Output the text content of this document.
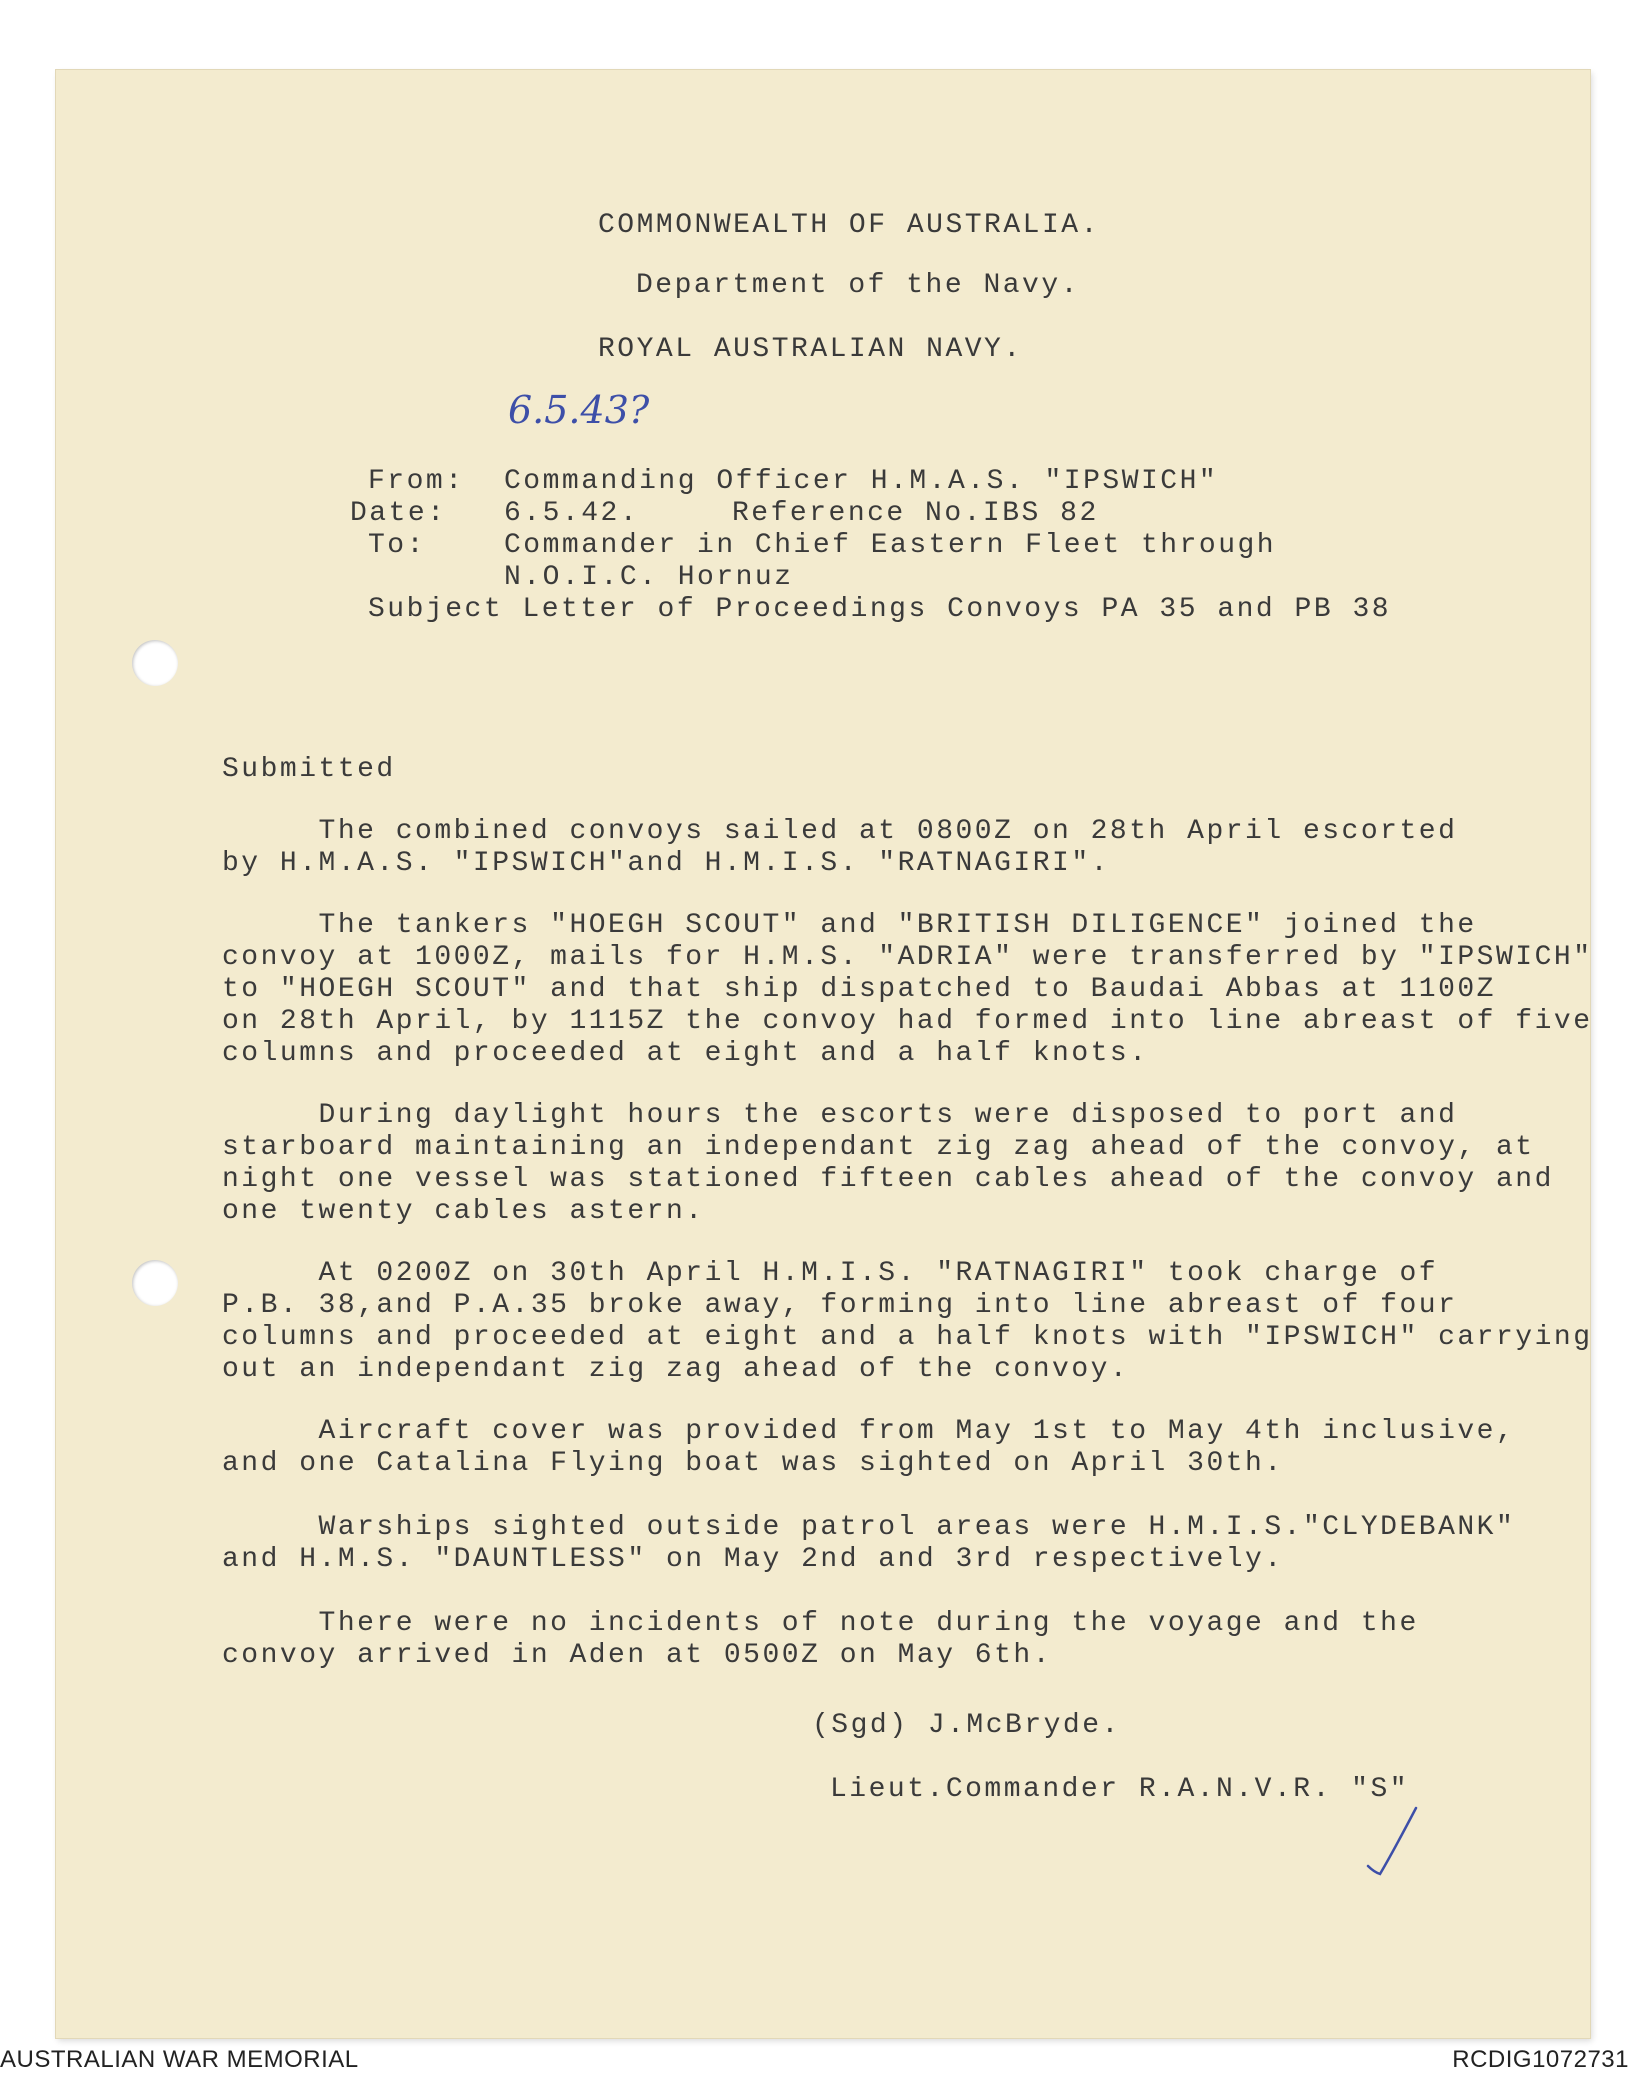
COMMONWEALTH OF AUSTRALIA.
Department of the Navy.
ROYAL AUSTRALIAN NAVY.
6.5.43?
From: Commanding Officer H.M.A.S. "IPSWICH"
Date: 6.5.42.	Reference No.IBS 82
To:	Commander in Chief Eastern Fleet through
N.O.I.C. Hornuz
Subject Letter of Proceedings Convoys PA 35 and PB 38
Submitted
The combined convoys sailed at 0800Z on 28th April escorted
by H.M.A.S. "IPSWICH"and H.M.I.S. "RATNAGIRI".
The tankers "HOEGH SCOUT" and "BRITISH DILIGENCE" joined the
convoy at 1000Z, mails for H.M.S. "ADRIA" were transferred by "IPSWICH"
to "HOEGH SCOUT" and that ship dispatched to Baudai Abbas at 1100Z
on 28th April, by 1115Z the convoy had formed into line abreast of five
columns and proceeded at eight and a half knots.
During daylight hours the escorts were disposed to port and
starboard maintaining an independant zig zag ahead of the convoy, at
night one vessel was stationed fifteen cables ahead of the convoy and
one twenty cables astern.
At 0200Z on 30th April H.M.I.S. "RATNAGIRI" took charge of
P.B. 38,and P.A.35 broke away, forming into line abreast of four
columns and proceeded at eight and a half knots with "IPSWICH" carrying
out an independant zig zag ahead of the convoy.
Aircraft cover was provided from May 1st to May 4th inclusive,
and one Catalina Flying boat was sighted on April 30th.
Warships sighted outside patrol areas were H.M.I.S."CLYDEBANK"
and H.M.S. "DAUNTLESS" on May 2nd and 3rd respectively.
There were no incidents of note during the voyage and the
convoy arrived in Aden at 0500Z on May 6th.
(Sgd) J.McBryde.
Lieut.Commander R.A.N.V.R. "S"
AUSTRALIAN WAR MEMORIAL	RCDIG1072731
